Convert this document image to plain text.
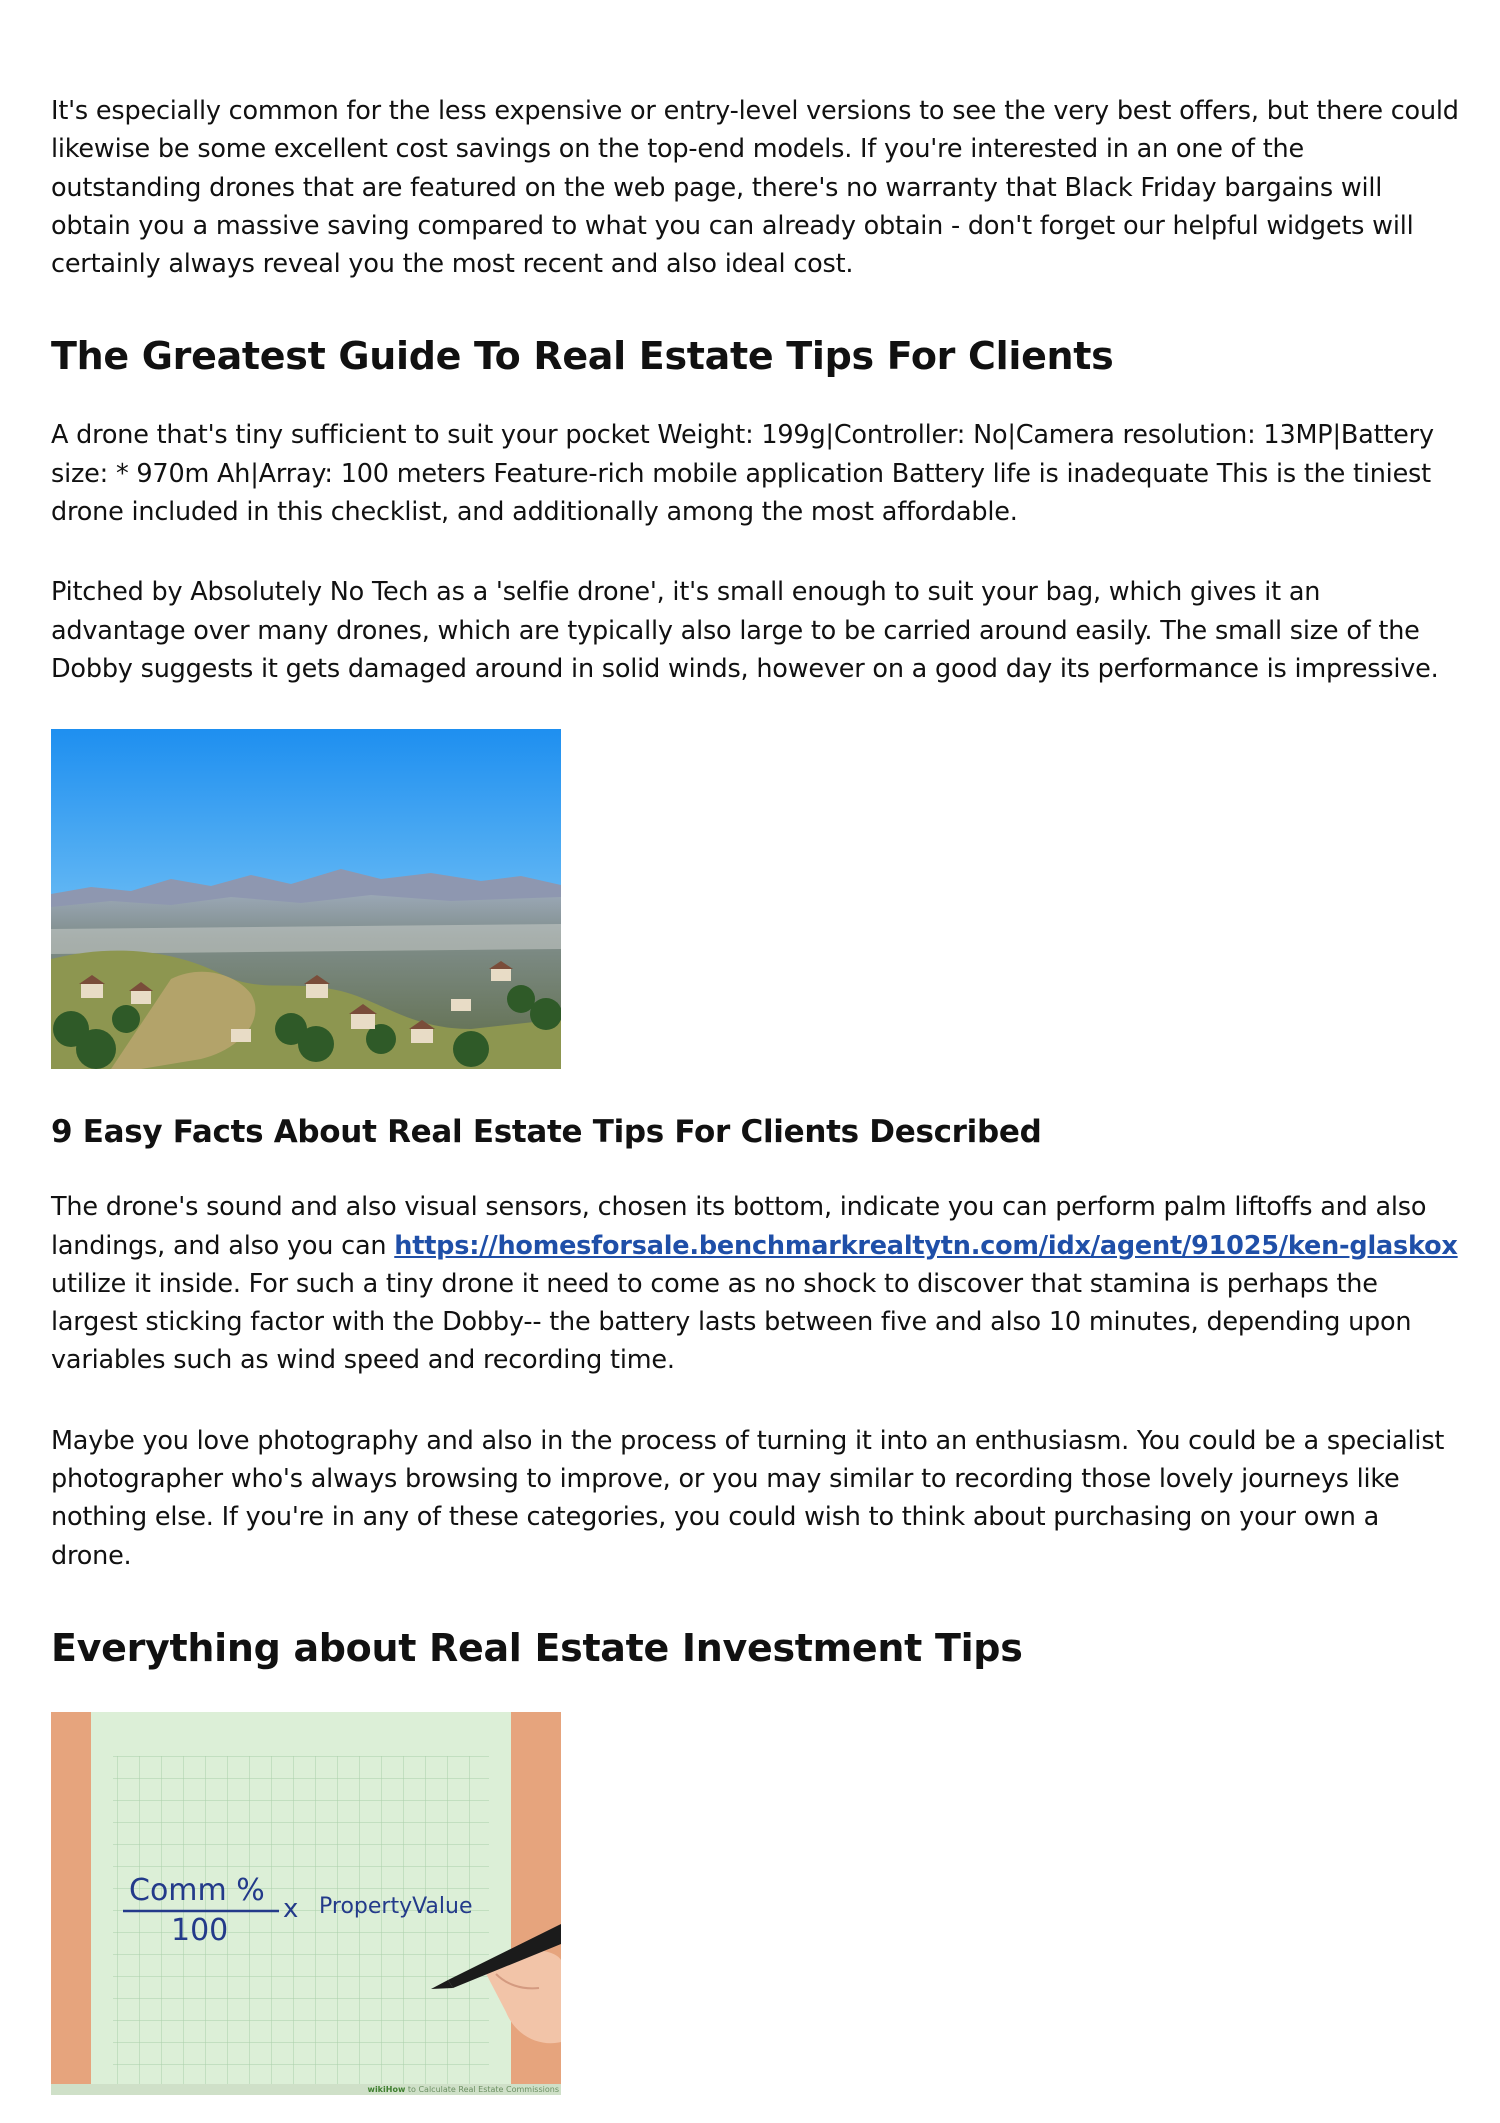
It's especially common for the less expensive or entry-level versions to see the very best offers, but there could likewise be some excellent cost savings on the top-end models. If you're interested in an one of the outstanding drones that are featured on the web page, there's no warranty that Black Friday bargains will obtain you a massive saving compared to what you can already obtain - don't forget our helpful widgets will certainly always reveal you the most recent and also ideal cost.

The Greatest Guide To Real Estate Tips For Clients

A drone that's tiny sufficient to suit your pocket Weight: 199g|Controller: No|Camera resolution: 13MP|Battery size: * 970m Ah|Array: 100 meters Feature-rich mobile application Battery life is inadequate This is the tiniest drone included in this checklist, and additionally among the most affordable.

Pitched by Absolutely No Tech as a 'selfie drone', it's small enough to suit your bag, which gives it an advantage over many drones, which are typically also large to be carried around easily. The small size of the Dobby suggests it gets damaged around in solid winds, however on a good day its performance is impressive.

9 Easy Facts About Real Estate Tips For Clients Described

The drone's sound and also visual sensors, chosen its bottom, indicate you can perform palm liftoffs and also landings, and also you can https://homesforsale.benchmarkrealtytn.com/idx/agent/91025/ken-glaskox utilize it inside. For such a tiny drone it need to come as no shock to discover that stamina is perhaps the largest sticking factor with the Dobby-- the battery lasts between five and also 10 minutes, depending upon variables such as wind speed and recording time.

Maybe you love photography and also in the process of turning it into an enthusiasm. You could be a specialist photographer who's always browsing to improve, or you may similar to recording those lovely journeys like nothing else. If you're in any of these categories, you could wish to think about purchasing on your own a drone.

Everything about Real Estate Investment Tips
Comm %
100
x PropertyValue
wikiHow to Calculate Real Estate Commissions
